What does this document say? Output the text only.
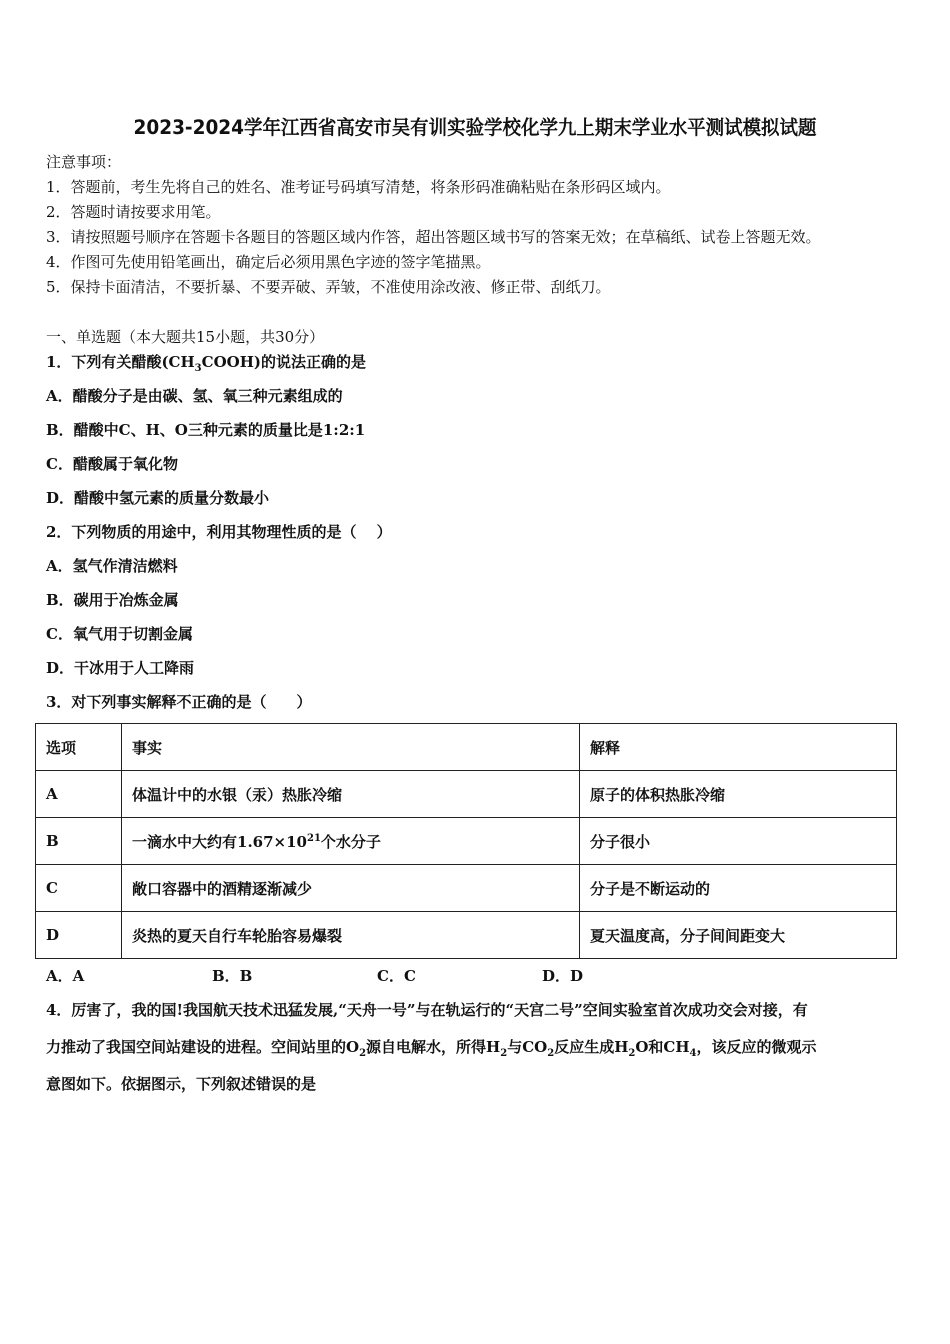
2023-2024学年江西省高安市吴有训实验学校化学九上期末学业水平测试模拟试题
注意事项：
1．答题前，考生先将自己的姓名、准考证号码填写清楚，将条形码准确粘贴在条形码区域内。
2．答题时请按要求用笔。
3．请按照题号顺序在答题卡各题目的答题区域内作答，超出答题区域书写的答案无效；在草稿纸、试卷上答题无效。
4．作图可先使用铅笔画出，确定后必须用黑色字迹的签字笔描黑。
5．保持卡面清洁，不要折暴、不要弄破、弄皱，不准使用涂改液、修正带、刮纸刀。
一、单选题（本大题共15小题，共30分）
1．下列有关醋酸$(CH_3COOH)$的说法正确的是
A．醋酸分子是由碳、氢、氧三种元素组成的
B．醋酸中C、H、O三种元素的质量比是1:2:1
C．醋酸属于氧化物
D．醋酸中氢元素的质量分数最小
2．下列物质的用途中，利用其物理性质的是（　 ）
A．氢气作清洁燃料
B．碳用于冶炼金属
C．氧气用于切割金属
D．干冰用于人工降雨
3．对下列事实解释不正确的是（　　）
选项	事实	解释
A	体温计中的水银（汞）热胀冷缩	原子的体积热胀冷缩
B	一滴水中大约有$1.67\times 10^{21}$个水分子	分子很小
C	敞口容器中的酒精逐渐减少	分子是不断运动的
D	炎热的夏天自行车轮胎容易爆裂	夏天温度高，分子间间距变大
A．A	B．B	C．C	D．D
4．厉害了，我的国!我国航天技术迅猛发展,“天舟一号”与在轨运行的“天宫二号”空间实验室首次成功交会对接，有
力推动了我国空间站建设的进程。空间站里的$O_2$源自电解水，所得$H_2$与$CO_2$反应生成$H_2O$和$CH_4$，该反应的微观示
意图如下。依据图示，下列叙述错误的是
